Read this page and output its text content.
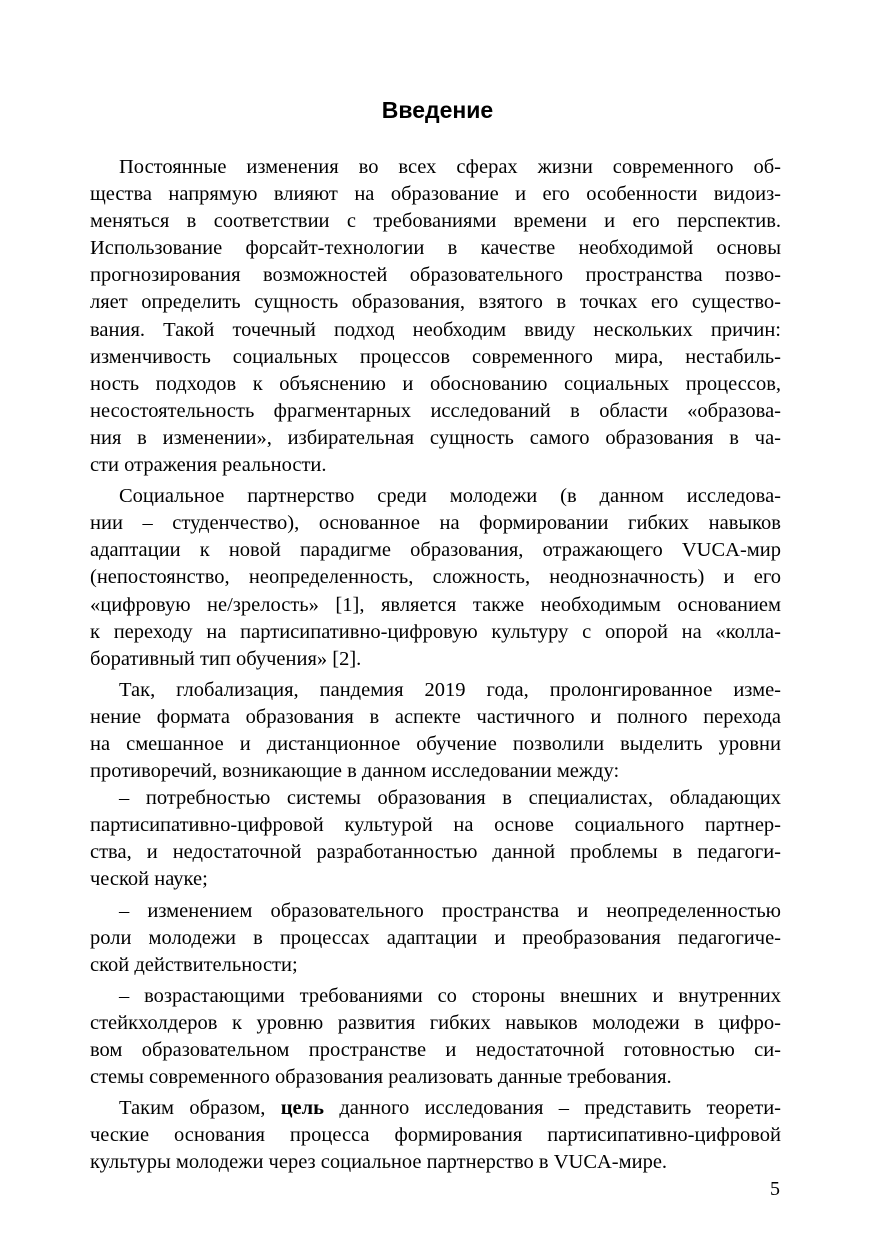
Введение
Постоянные изменения во всех сферах жизни современного об-
щества напрямую влияют на образование и его особенности видоиз-
меняться в соответствии с требованиями времени и его перспектив.
Использование форсайт-технологии в качестве необходимой основы
прогнозирования возможностей образовательного пространства позво-
ляет определить сущность образования, взятого в точках его существо-
вания. Такой точечный подход необходим ввиду нескольких причин:
изменчивость социальных процессов современного мира, нестабиль-
ность подходов к объяснению и обоснованию социальных процессов,
несостоятельность фрагментарных исследований в области «образова-
ния в изменении», избирательная сущность самого образования в ча-
сти отражения реальности.
Социальное партнерство среди молодежи (в данном исследова-
нии – студенчество), основанное на формировании гибких навыков
адаптации к новой парадигме образования, отражающего VUCA-мир
(непостоянство, неопределенность, сложность, неоднозначность) и его
«цифровую не/зрелость» [1], является также необходимым основанием
к переходу на партисипативно-цифровую культуру с опорой на «колла-
боративный тип обучения» [2].
Так, глобализация, пандемия 2019 года, пролонгированное изме-
нение формата образования в аспекте частичного и полного перехода
на смешанное и дистанционное обучение позволили выделить уровни
противоречий, возникающие в данном исследовании между:
– потребностью системы образования в специалистах, обладающих
партисипативно-цифровой культурой на основе социального партнер-
ства, и недостаточной разработанностью данной проблемы в педагоги-
ческой науке;
– изменением образовательного пространства и неопределенностью
роли молодежи в процессах адаптации и преобразования педагогиче-
ской действительности;
– возрастающими требованиями со стороны внешних и внутренних
стейкхолдеров к уровню развития гибких навыков молодежи в цифро-
вом образовательном пространстве и недостаточной готовностью си-
стемы современного образования реализовать данные требования.
Таким образом, цель данного исследования – представить теорети-
ческие основания процесса формирования партисипативно-цифровой
культуры молодежи через социальное партнерство в VUCA-мире.
5
